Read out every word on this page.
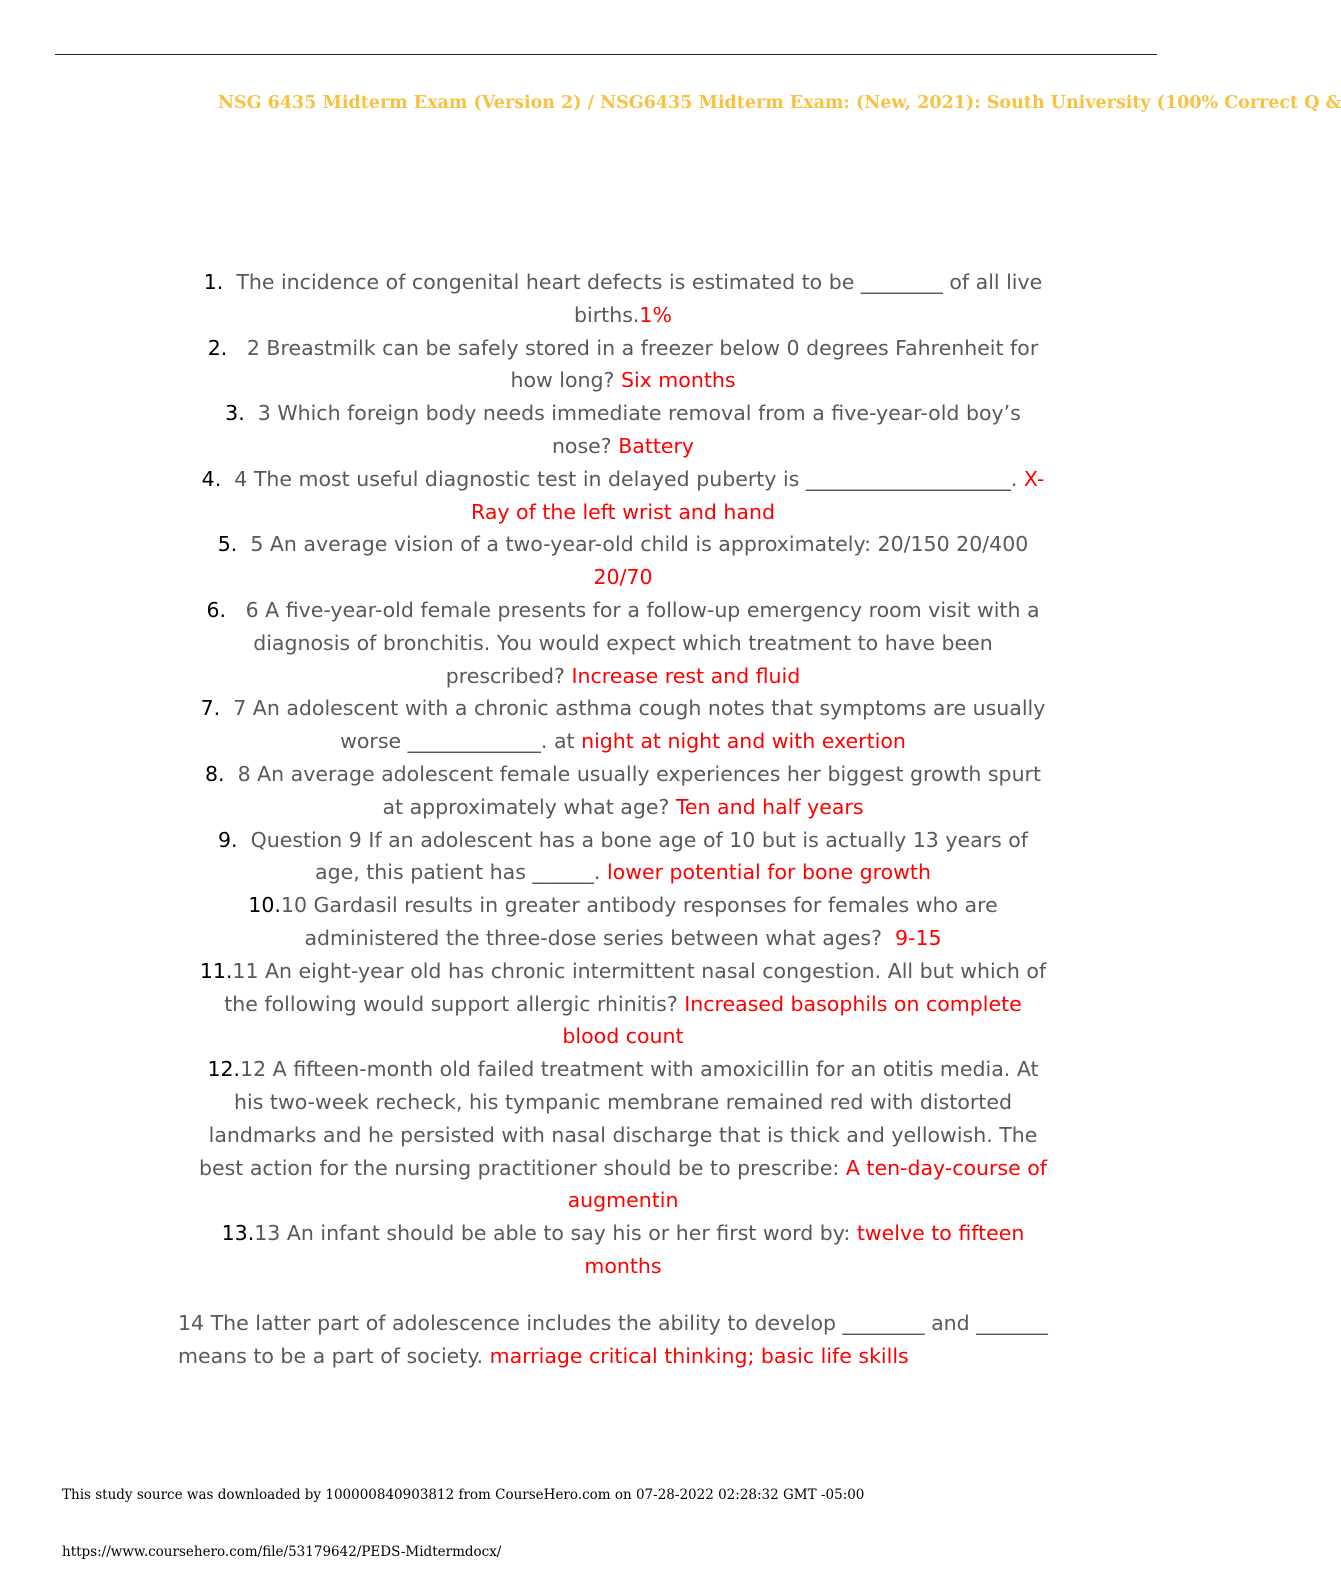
NSG 6435 Midterm Exam (Version 2) / NSG6435 Midterm Exam: (New, 2021): South University (100% Correct Q &
1. The incidence of congenital heart defects is estimated to be ________ of all live births.1%
2. 2 Breastmilk can be safely stored in a freezer below 0 degrees Fahrenheit for how long? Six months
3. 3 Which foreign body needs immediate removal from a five-year-old boy’s nose? Battery
4. 4 The most useful diagnostic test in delayed puberty is ____________________. X-Ray of the left wrist and hand
5. 5 An average vision of a two-year-old child is approximately: 20/150 20/400 20/70
6. 6 A five-year-old female presents for a follow-up emergency room visit with a diagnosis of bronchitis. You would expect which treatment to have been prescribed? Increase rest and fluid
7. 7 An adolescent with a chronic asthma cough notes that symptoms are usually worse _____________. at night at night and with exertion
8. 8 An average adolescent female usually experiences her biggest growth spurt at approximately what age? Ten and half years
9. Question 9 If an adolescent has a bone age of 10 but is actually 13 years of age, this patient has ______. lower potential for bone growth
10.10 Gardasil results in greater antibody responses for females who are administered the three-dose series between what ages? 9-15
11.11 An eight-year old has chronic intermittent nasal congestion. All but which of the following would support allergic rhinitis? Increased basophils on complete blood count
12.12 A fifteen-month old failed treatment with amoxicillin for an otitis media. At his two-week recheck, his tympanic membrane remained red with distorted landmarks and he persisted with nasal discharge that is thick and yellowish. The best action for the nursing practitioner should be to prescribe: A ten-day-course of augmentin
13.13 An infant should be able to say his or her first word by: twelve to fifteen months
14 The latter part of adolescence includes the ability to develop ________ and _______ means to be a part of society. marriage critical thinking; basic life skills
This study source was downloaded by 100000840903812 from CourseHero.com on 07-28-2022 02:28:32 GMT -05:00
https://www.coursehero.com/file/53179642/PEDS-Midtermdocx/
